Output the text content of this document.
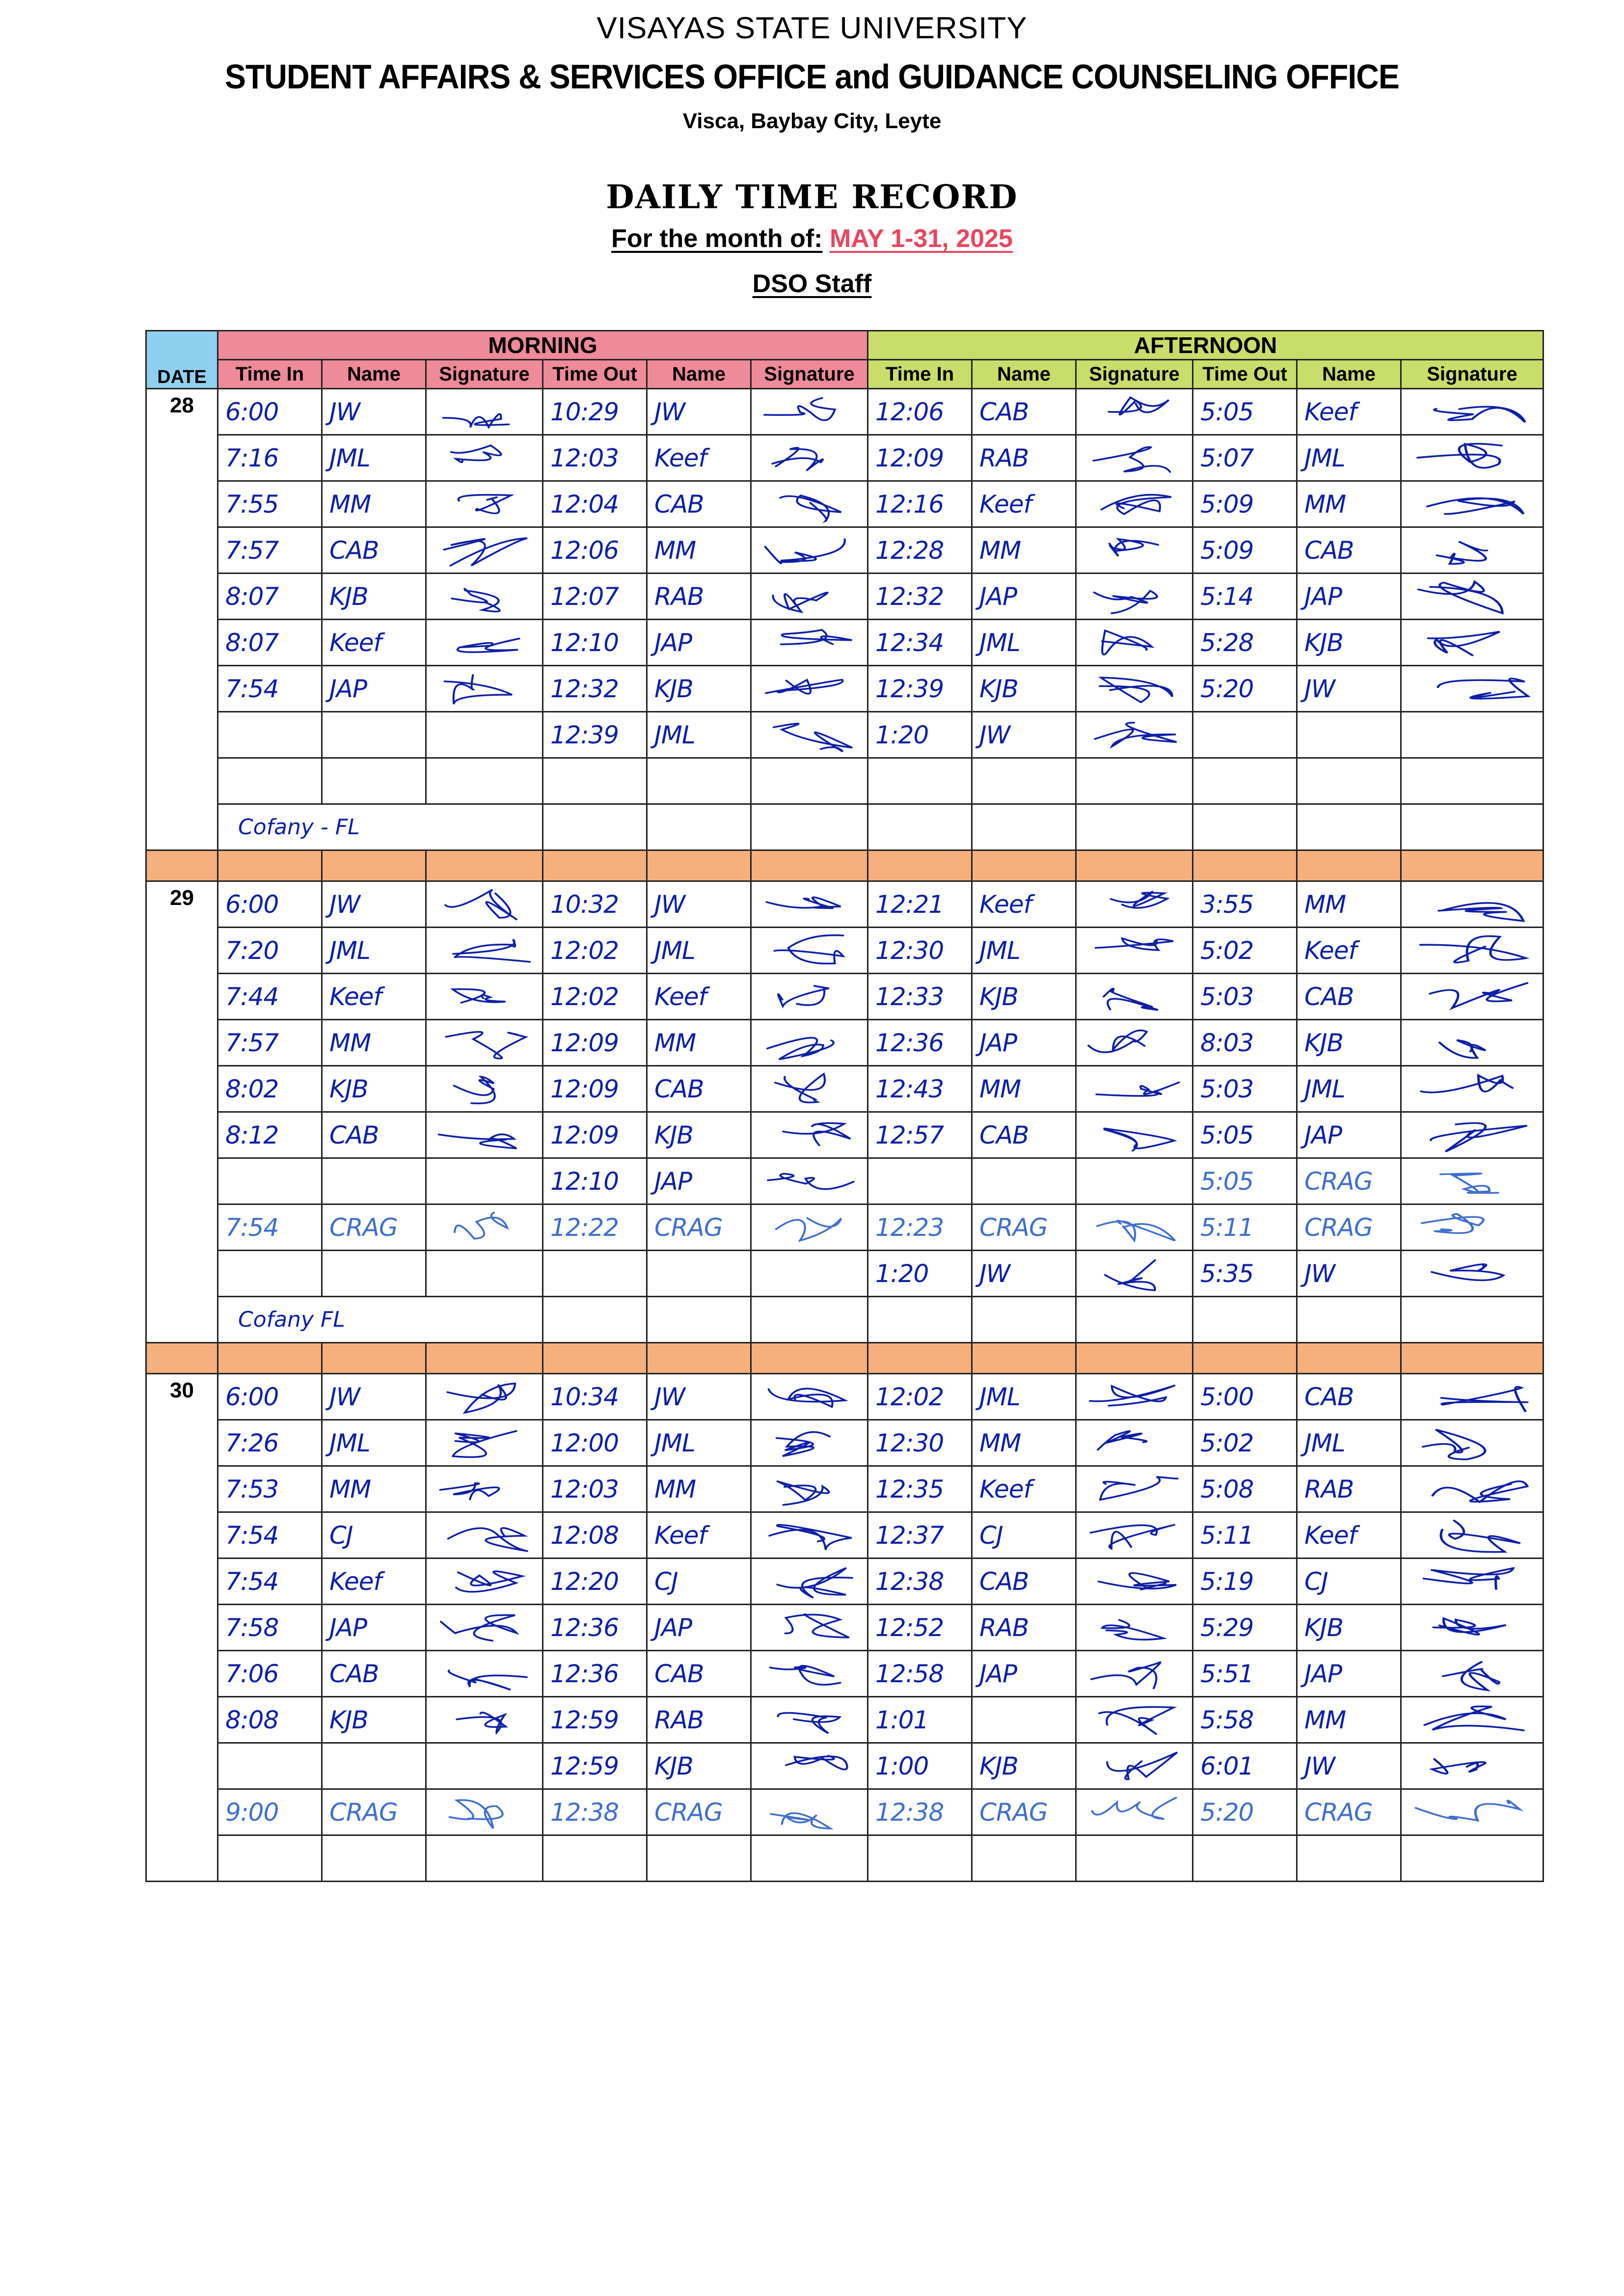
VISAYAS STATE UNIVERSITY
STUDENT AFFAIRS & SERVICES OFFICE and GUIDANCE COUNSELING OFFICE
Visca, Baybay City, Leyte
DAILY TIME RECORD
For the month of: MAY 1-31, 2025
DSO Staff
DATE	MORNING						AFTERNOON					
	Time In	Name	Signature	Time Out	Name	Signature	Time In	Name	Signature	Time Out	Name	Signature
28	6:00	JW		10:29	JW		12:06	CAB		5:05	Keef	

	7:16	JML		12:03	Keef		12:09	RAB		5:07	JML	

	7:55	MM		12:04	CAB		12:16	Keef		5:09	MM	

	7:57	CAB		12:06	MM		12:28	MM		5:09	CAB	

	8:07	KJB		12:07	RAB		12:32	JAP		5:14	JAP	

	8:07	Keef		12:10	JAP		12:34	JML		5:28	KJB	

	7:54	JAP		12:32	KJB		12:39	KJB		5:20	JW	

				12:39	JML		1:20	JW	

	Cofany - FL											

29	6:00	JW		10:32	JW		12:21	Keef		3:55	MM	

	7:20	JML		12:02	JML		12:30	JML		5:02	Keef	

	7:44	Keef		12:02	Keef		12:33	KJB		5:03	CAB	

	7:57	MM		12:09	MM		12:36	JAP		8:03	KJB	

	8:02	KJB		12:09	CAB		12:43	MM		5:03	JML	

	8:12	CAB		12:09	KJB		12:57	CAB		5:05	JAP	

				12:10	JAP					5:05	CRAG	

	7:54	CRAG		12:22	CRAG		12:23	CRAG		5:11	CRAG	

							1:20	JW		5:35	JW	

	Cofany FL											

30	6:00	JW		10:34	JW		12:02	JML		5:00	CAB	

	7:26	JML		12:00	JML		12:30	MM		5:02	JML	

	7:53	MM		12:03	MM		12:35	Keef		5:08	RAB	

	7:54	CJ		12:08	Keef		12:37	CJ		5:11	Keef	

	7:54	Keef		12:20	CJ		12:38	CAB		5:19	CJ	

	7:58	JAP		12:36	JAP		12:52	RAB		5:29	KJB	

	7:06	CAB		12:36	CAB		12:58	JAP		5:51	JAP	

	8:08	KJB		12:59	RAB		1:01			5:58	MM	

				12:59	KJB		1:00	KJB		6:01	JW	

	9:00	CRAG		12:38	CRAG		12:38	CRAG		5:20	CRAG	
